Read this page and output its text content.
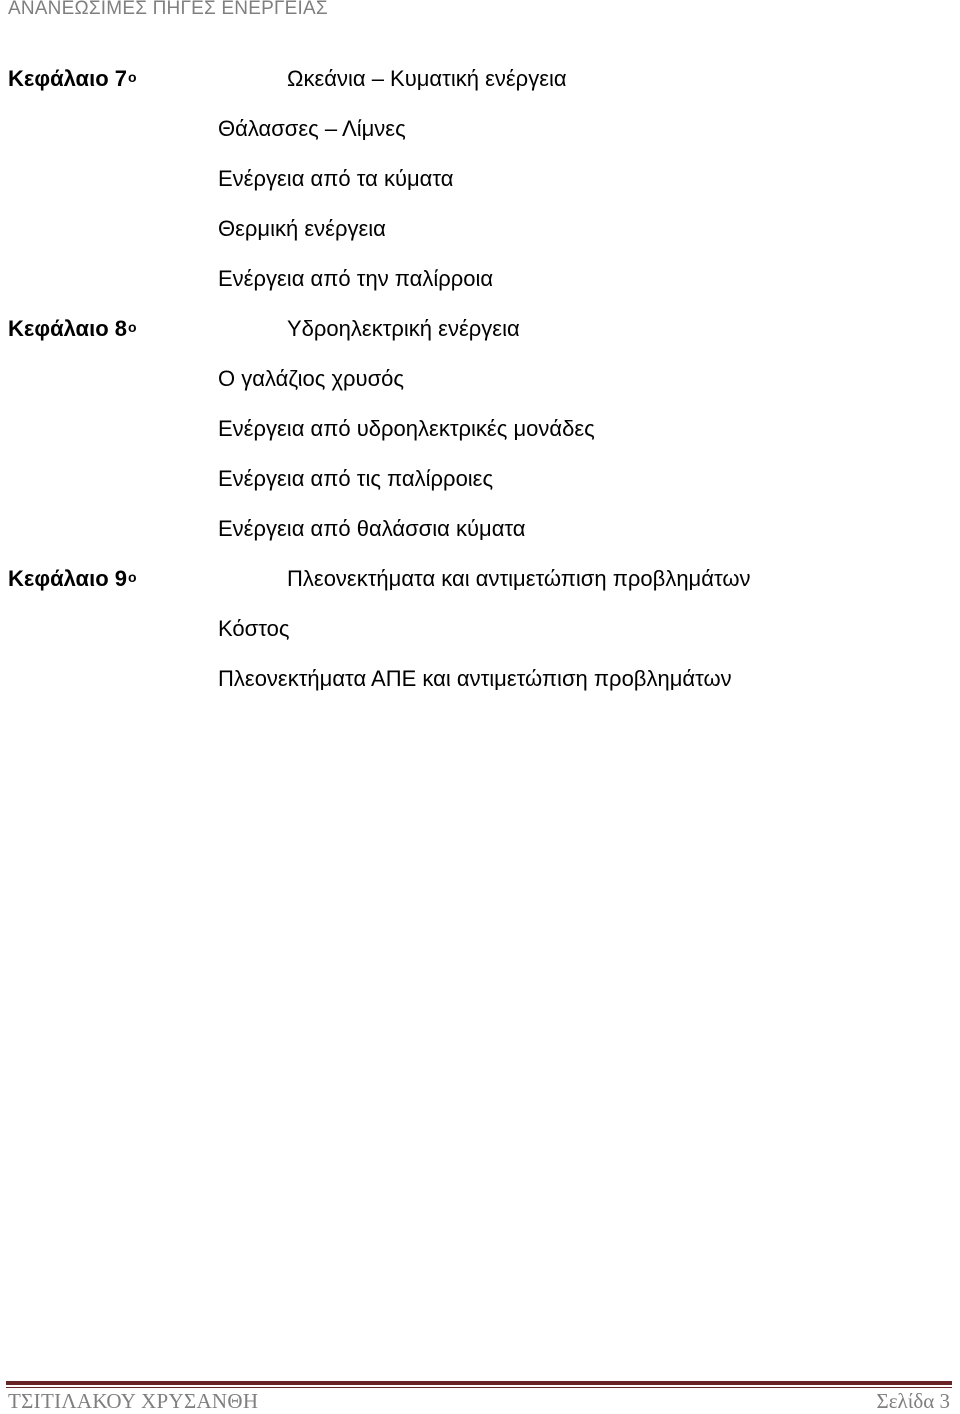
ΑΝΑΝΕΩΣΙΜΕΣ ΠΗΓΕΣ ΕΝΕΡΓΕΙΑΣ
Κεφάλαιο $7^o$	Ωκεάνια – Κυματική ενέργεια
Θάλασσες – Λίμνες
Ενέργεια από τα κύματα
Θερμική ενέργεια
Ενέργεια από την παλίρροια
Κεφάλαιο $8^o$	Υδροηλεκτρική ενέργεια
Ο γαλάζιος χρυσός
Ενέργεια από υδροηλεκτρικές μονάδες
Ενέργεια από τις παλίρροιες
Ενέργεια από θαλάσσια κύματα
Κεφάλαιο $9^o$	Πλεονεκτήματα και αντιμετώπιση προβλημάτων
Κόστος
Πλεονεκτήματα ΑΠΕ και αντιμετώπιση προβλημάτων
ΤΣΙΤΙΛΑΚΟΥ ΧΡΥΣΑΝΘΗ	Σελίδα 3
